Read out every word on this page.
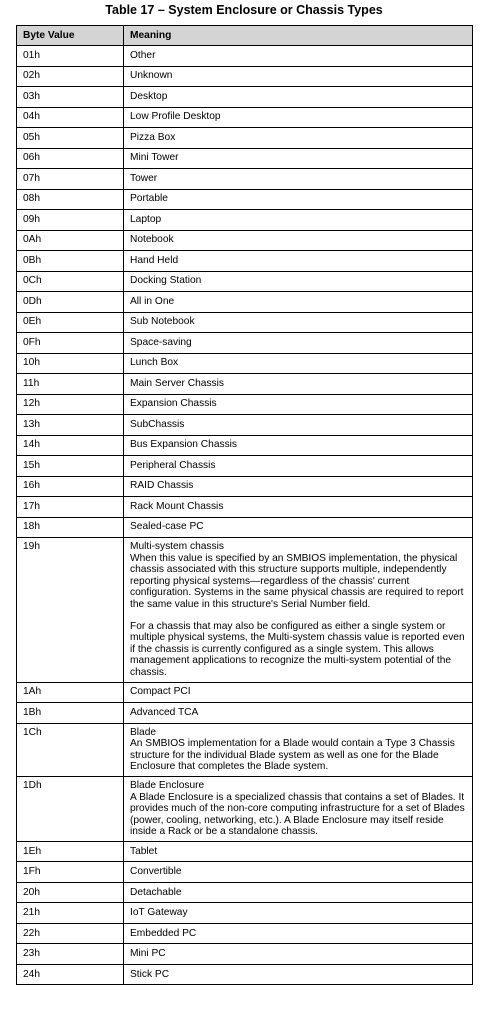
Table 17 – System Enclosure or Chassis Types
Byte Value	Meaning
01h	Other

02h	Unknown

03h	Desktop

04h	Low Profile Desktop

05h	Pizza Box

06h	Mini Tower

07h	Tower

08h	Portable

09h	Laptop

0Ah	Notebook

0Bh	Hand Held

0Ch	Docking Station

0Dh	All in One

0Eh	Sub Notebook

0Fh	Space-saving

10h	Lunch Box

11h	Main Server Chassis

12h	Expansion Chassis

13h	SubChassis

14h	Bus Expansion Chassis

15h	Peripheral Chassis

16h	RAID Chassis

17h	Rack Mount Chassis

18h	Sealed-case PC

19h	Multi-system chassis
When this value is specified by an SMBIOS implementation, the physical chassis associated with this structure supports multiple, independently reporting physical systems—regardless of the chassis' current configuration. Systems in the same physical chassis are required to report the same value in this structure's Serial Number field.
For a chassis that may also be configured as either a single system or multiple physical systems, the Multi-system chassis value is reported even if the chassis is currently configured as a single system. This allows management applications to recognize the multi-system potential of the chassis.

1Ah	Compact PCI

1Bh	Advanced TCA

1Ch	Blade
An SMBIOS implementation for a Blade would contain a Type 3 Chassis structure for the individual Blade system as well as one for the Blade Enclosure that completes the Blade system.

1Dh	Blade Enclosure
A Blade Enclosure is a specialized chassis that contains a set of Blades. It provides much of the non-core computing infrastructure for a set of Blades (power, cooling, networking, etc.). A Blade Enclosure may itself reside inside a Rack or be a standalone chassis.

1Eh	Tablet

1Fh	Convertible

20h	Detachable

21h	IoT Gateway

22h	Embedded PC

23h	Mini PC

24h	Stick PC
